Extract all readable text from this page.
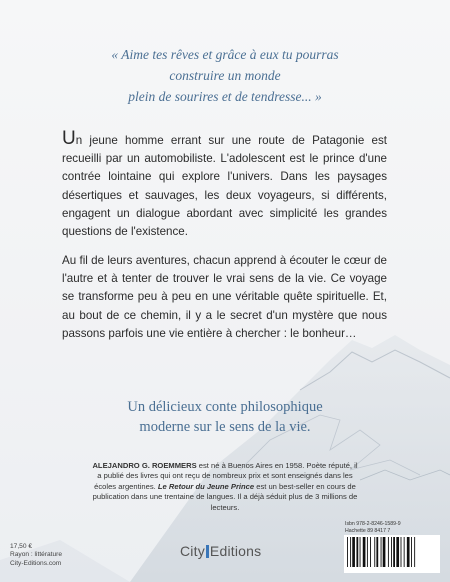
« Aime tes rêves et grâce à eux tu pourras
construire un monde
plein de sourires et de tendresse... »
Un jeune homme errant sur une route de Patagonie est recueilli par un automobiliste. L'adolescent est le prince d'une contrée lointaine qui explore l'univers. Dans les paysages désertiques et sauvages, les deux voyageurs, si différents, engagent un dialogue abordant avec simplicité les grandes questions de l'existence.
Au fil de leurs aventures, chacun apprend à écouter le cœur de l'autre et à tenter de trouver le vrai sens de la vie. Ce voyage se transforme peu à peu en une véritable quête spirituelle. Et, au bout de ce chemin, il y a le secret d'un mystère que nous passons parfois une vie entière à chercher : le bonheur…
Un délicieux conte philosophique
moderne sur le sens de la vie.
ALEJANDRO G. ROEMMERS est né à Buenos Aires en 1958. Poète réputé, il a publié des livres qui ont reçu de nombreux prix et sont enseignés dans les écoles argentines. Le Retour du Jeune Prince est un best-seller en cours de publication dans une trentaine de langues. Il a déjà séduit plus de 3 millions de lecteurs.
17,50 €
Rayon : littérature
City-Editions.com
City Editions
Isbn 978-2-8246-1589-9
Hachette 89 8417 7
